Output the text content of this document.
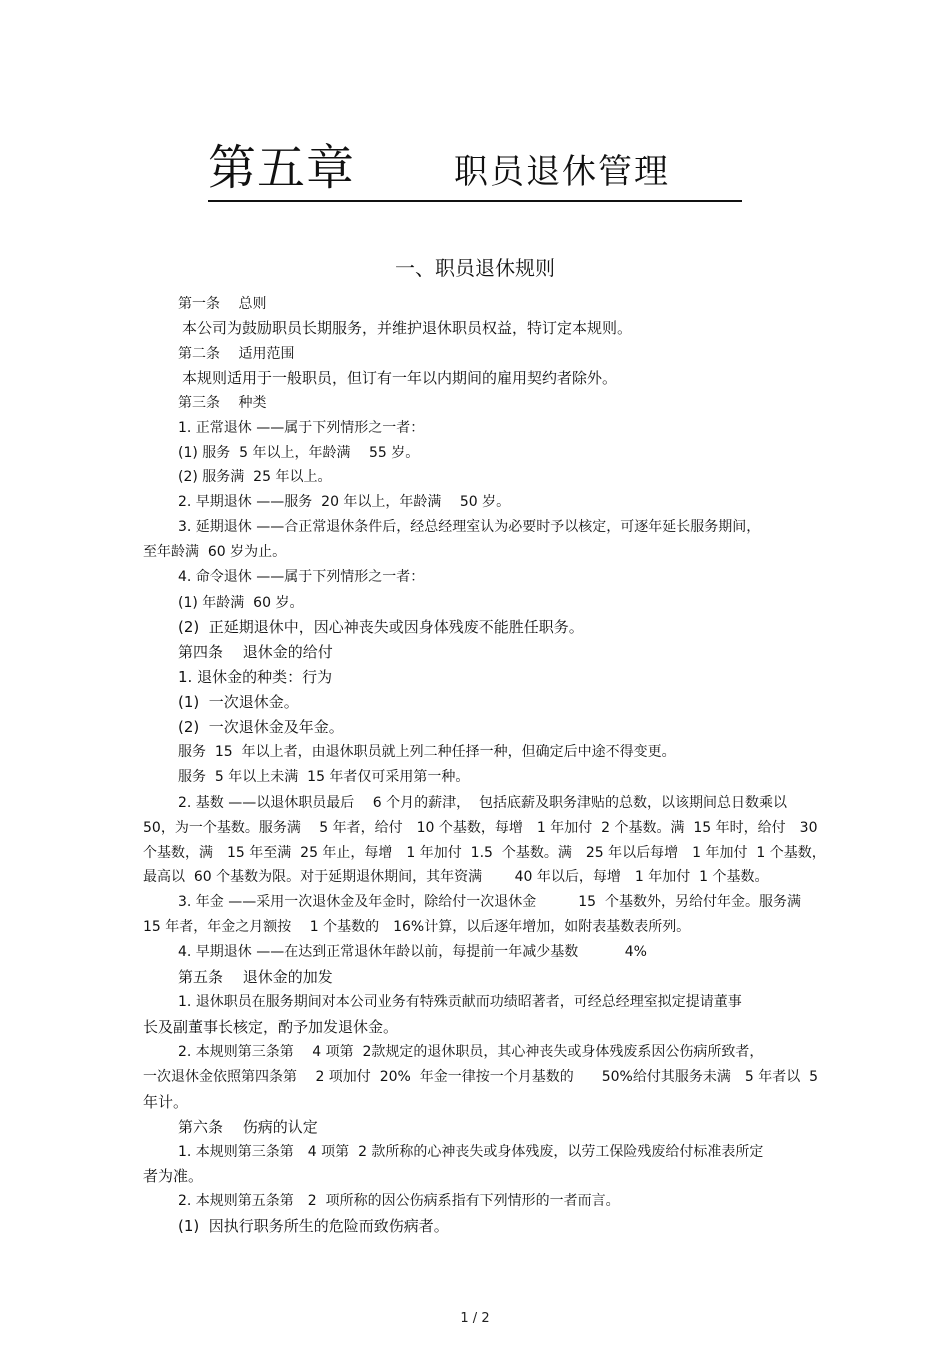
第五章	职员退休管理
一、职员退休规则
第一条　 总则
本公司为鼓励职员长期服务，并维护退休职员权益，特订定本规则。
第二条　 适用范围
本规则适用于一般职员，但订有一年以内期间的雇用契约者除外。
第三条　 种类
1. 正常退休 ——属于下列情形之一者：
(1) 服务  5 年以上，年龄满　 55 岁。
(2) 服务满  25 年以上。
2. 早期退休 ——服务  20 年以上，年龄满　 50 岁。
3. 延期退休 ——合正常退休条件后，经总经理室认为必要时予以核定，可逐年延长服务期间，
至年龄满  60 岁为止。
4. 命令退休 ——属于下列情形之一者：
(1) 年龄满  60 岁。
(2)  正延期退休中，因心神丧失或因身体残废不能胜任职务。
第四条　 退休金的给付
1. 退休金的种类：行为
(1)  一次退休金。
(2)  一次退休金及年金。
服务  15  年以上者，由退休职员就上列二种任择一种，但确定后中途不得变更。
服务  5 年以上未满  15 年者仅可采用第一种。
2. 基数 ——以退休职员最后　 6 个月的薪津，  包括底薪及职务津贴的总数，以该期间总日数乘以
50，为一个基数。服务满　 5 年者，给付　10 个基数，每增　1 年加付  2 个基数。满  15 年时，给付　30
个基数，满　15 年至满  25 年止，每增　1 年加付  1.5  个基数。满　25 年以后每增　1 年加付  1 个基数，
最高以  60 个基数为限。对于延期退休期间，其年资满　　 40 年以后，每增　1 年加付  1 个基数。
3. 年金 ——采用一次退休金及年金时，除给付一次退休金　　　15  个基数外，另给付年金。服务满
15 年者，年金之月额按　 1 个基数的　16%计算，以后逐年增加，如附表基数表所列。
4. 早期退休 ——在达到正常退休年龄以前，每提前一年减少基数　　　 4%
第五条　 退休金的加发
1. 退休职员在服务期间对本公司业务有特殊贡献而功绩昭著者，可经总经理室拟定提请董事
长及副董事长核定，酌予加发退休金。
2. 本规则第三条第　 4 项第  2款规定的退休职员，其心神丧失或身体残废系因公伤病所致者，
一次退休金依照第四条第　 2 项加付  20%  年金一律按一个月基数的　　50%给付其服务未满　5 年者以  5
年计。
第六条　 伤病的认定
1. 本规则第三条第　4 项第  2 款所称的心神丧失或身体残废，以劳工保险残废给付标准表所定
者为准。
2. 本规则第五条第　2  项所称的因公伤病系指有下列情形的一者而言。
(1)  因执行职务所生的危险而致伤病者。
1 / 2
